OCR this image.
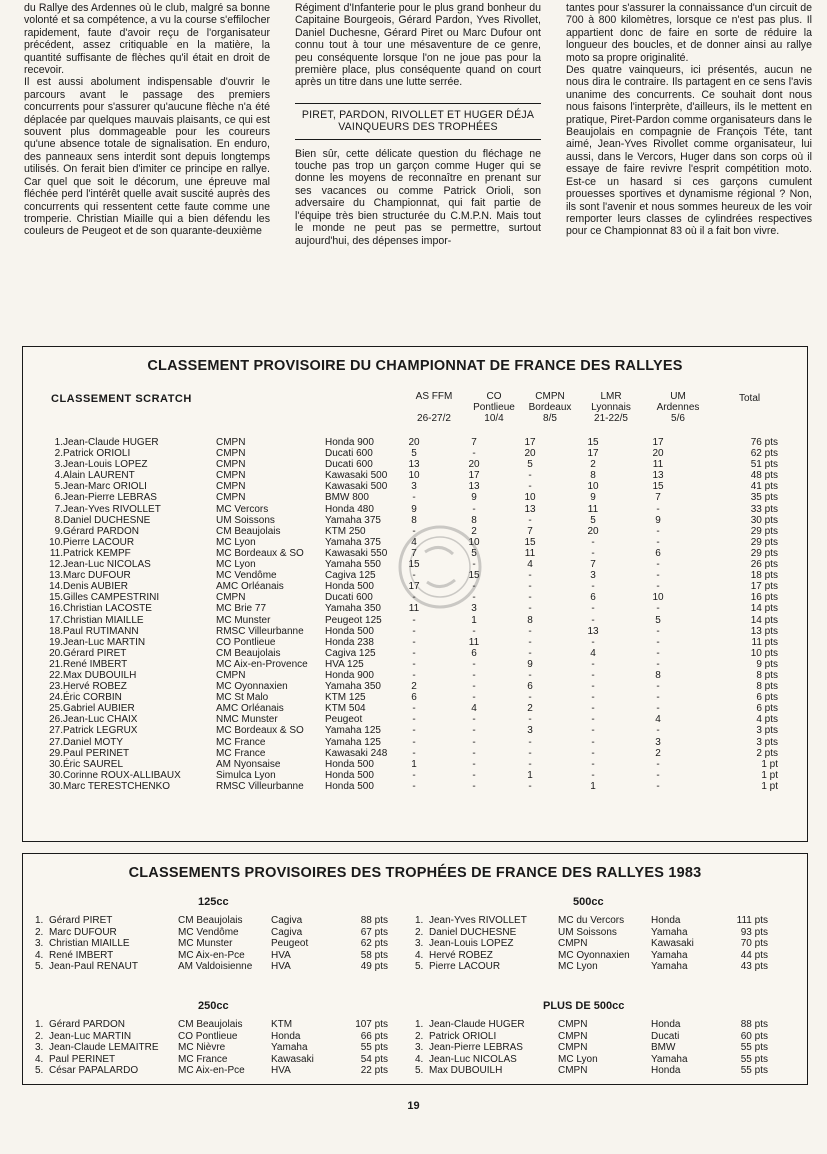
du Rallye des Ardennes où le club, malgré sa bonne volonté et sa compétence, a vu la course s'effilocher rapidement, faute d'avoir reçu de l'organisateur précédent, assez critiquable en la matière, la quantité suffisante de flèches qu'il était en droit de recevoir.
Il est aussi abolument indispensable d'ouvrir le parcours avant le passage des premiers concurrents pour s'assurer qu'aucune flèche n'a été déplacée par quelques mauvais plaisants, ce qui est souvent plus dommageable pour les coureurs qu'une absence totale de signalisation. En enduro, des panneaux sens interdit sont depuis longtemps utilisés. On ferait bien d'imiter ce principe en rallye. Car quel que soit le décorum, une épreuve mal fléchée perd l'intérêt quelle avait suscité auprès des concurrents qui ressentent cette faute comme une tromperie. Christian Miaille qui a bien défendu les couleurs de Peugeot et de son quarante-deuxième

Régiment d'Infanterie pour le plus grand bonheur du Capitaine Bourgeois, Gérard Pardon, Yves Rivollet, Daniel Duchesne, Gérard Piret ou Marc Dufour ont connu tout à tour une mésaventure de ce genre, peu conséquente lorsque l'on ne joue pas pour la première place, plus conséquente quand on court après un titre dans une lutte serrée.

PIRET, PARDON, RIVOLLET ET HUGER DÉJA VAINQUEURS DES TROPHÉES

Bien sûr, cette délicate question du fléchage ne touche pas trop un garçon comme Huger qui se donne les moyens de reconnaître en prenant sur ses vacances ou comme Patrick Orioli, son adversaire du Championnat, qui fait partie de l'équipe très bien structurée du C.M.P.N. Mais tout le monde ne peut pas se permettre, surtout aujourd'hui, des dépenses impor-

tantes pour s'assurer la connaissance d'un circuit de 700 à 800 kilomètres, lorsque ce n'est pas plus. Il appartient donc de faire en sorte de réduire la longueur des boucles, et de donner ainsi au rallye moto sa propre originalité.
Des quatre vainqueurs, ici présentés, aucun ne nous dira le contraire. Ils partagent en ce sens l'avis unanime des concurrents. Ce souhait dont nous nous faisons l'interprète, d'ailleurs, ils le mettent en pratique, Piret-Pardon comme organisateurs dans le Beaujolais en compagnie de François Téte, tant aimé, Jean-Yves Rivollet comme organisateur, lui aussi, dans le Vercors, Huger dans son corps où il essaye de faire revivre l'esprit compétition moto. Est-ce un hasard si ces garçons cumulent prouesses sportives et dynamisme régional ? Non, ils sont l'avenir et nous sommes heureux de les voir remporter leurs classes de cylindrées respectives pour ce Championnat 83 où il a fait bon vivre.

CLASSEMENT PROVISOIRE DU CHAMPIONNAT DE FRANCE DES RALLYES
CLASSEMENT SCRATCH	AS FFM
26-27/2
CO
Pontlieue
10/4
CMPN
Bordeaux
8/5
LMR
Lyonnais
21-22/5
UM
Ardennes
5/6
Total
1. Jean-Claude HUGER	CMPN	Honda 900	20	7	17	15	17	76 pts
2. Patrick ORIOLI	CMPN	Ducati 600	5	-	20	17	20	62 pts
3. Jean-Louis LOPEZ	CMPN	Ducati 600	13	20	5	2	11	51 pts
4. Alain LAURENT	CMPN	Kawasaki 500	10	17	-	8	13	48 pts
5. Jean-Marc ORIOLI	CMPN	Kawasaki 500	3	13	-	10	15	41 pts
6. Jean-Pierre LEBRAS	CMPN	BMW 800	-	9	10	9	7	35 pts
7. Jean-Yves RIVOLLET	MC Vercors	Honda 480	9	-	13	11	-	33 pts
8. Daniel DUCHESNE	UM Soissons	Yamaha 375	8	8	-	5	9	30 pts
9. Gérard PARDON	CM Beaujolais	KTM 250	-	2	7	20	-	29 pts
10. Pierre LACOUR	MC Lyon	Yamaha 375	4	10	15	-	-	29 pts
11. Patrick KEMPF	MC Bordeaux & SO Kawasaki 550	7	5	11	-	6	29 pts
12. Jean-Luc NICOLAS	MC Lyon	Yamaha 550	15	-	4	7	-	26 pts
13. Marc DUFOUR	MC Vendôme	Cagiva 125	-	15	-	3	-	18 pts
14. Denis AUBIER	AMC Orléanais	Honda 500	17	-	-	-	-	17 pts
15. Gilles CAMPESTRINI	CMPN	Ducati 600	-	-	-	6	10	16 pts
16. Christian LACOSTE	MC Brie 77	Yamaha 350	11	3	-	-	-	14 pts
17. Christian MIAILLE	MC Munster	Peugeot 125	-	1	8	-	5	14 pts
18. Paul RUTIMANN	RMSC Villeurbanne Honda 500	-	-	-	13	-	13 pts
19. Jean-Luc MARTIN	CO Pontlieue	Honda 238	-	11	-	-	-	11 pts
20. Gérard PIRET	CM Beaujolais	Cagiva 125	-	6	-	4	-	10 pts
21. René IMBERT	MC Aix-en-Provence HVA 125	-	-	9	-	-	9 pts
22. Max DUBOUILH	CMPN	Honda 900	-	-	-	-	8	8 pts
23. Hervé ROBEZ	MC Oyonnaxien	Yamaha 350	2	-	6	-	-	8 pts
24. Éric CORBIN	MC St Malo	KTM 125	6	-	-	-	-	6 pts
25. Gabriel AUBIER	AMC Orléanais	KTM 504	-	4	2	-	-	6 pts
26. Jean-Luc CHAIX	NMC Munster	Peugeot	-	-	-	-	4	4 pts
27. Patrick LEGRUX	MC Bordeaux & SO Yamaha 125	-	-	3	-	-	3 pts
27. Daniel MOTY	MC France	Yamaha 125	-	-	-	-	3	3 pts
29. Paul PERINET	MC France	Kawasaki 248	-	-	-	-	2	2 pts
30. Éric SAUREL	AM Nyonsaise	Honda 500	1	-	-	-	-	1 pt
30. Corinne ROUX-ALLIBAUX	Simulca Lyon	Honda 500	-	-	1	-	-	1 pt
30. Marc TERESTCHENKO	RMSC Villeurbanne Honda 500	-	-	-	1	-	1 pt
CLASSEMENTS PROVISOIRES DES TROPHÉES DE FRANCE DES RALLYES 1983
125cc
1. Gérard PIRET	CM Beaujolais	Cagiva	88 pts
2. Marc DUFOUR	MC Vendôme	Cagiva	67 pts
3. Christian MIAILLE	MC Munster	Peugeot	62 pts
4. René IMBERT	MC Aix-en-Pce	HVA	58 pts
5. Jean-Paul RENAUT	AM Valdoisienne HVA	49 pts
500cc
1. Jean-Yves RIVOLLET	MC du Vercors	Honda	111 pts
2. Daniel DUCHESNE	UM Soissons	Yamaha	93 pts
3. Jean-Louis LOPEZ	CMPN	Kawasaki	70 pts
4. Hervé ROBEZ	MC Oyonnaxien Yamaha	44 pts
5. Pierre LACOUR	MC Lyon	Yamaha	43 pts
250cc
1. Gérard PARDON	CM Beaujolais	KTM	107 pts
2. Jean-Luc MARTIN	CO Pontlieue	Honda	66 pts
3. Jean-Claude LEMAITRE MC Nièvre	Yamaha	55 pts
4. Paul PERINET	MC France	Kawasaki	54 pts
5. César PAPALARDO	MC Aix-en-Pce	HVA	22 pts
PLUS DE 500cc
1. Jean-Claude HUGER	CMPN	Honda	88 pts
2. Patrick ORIOLI	CMPN	Ducati	60 pts
3. Jean-Pierre LEBRAS	CMPN	BMW	55 pts
4. Jean-Luc NICOLAS	MC Lyon	Yamaha	55 pts
5. Max DUBOUILH	CMPN	Honda	55 pts
19
